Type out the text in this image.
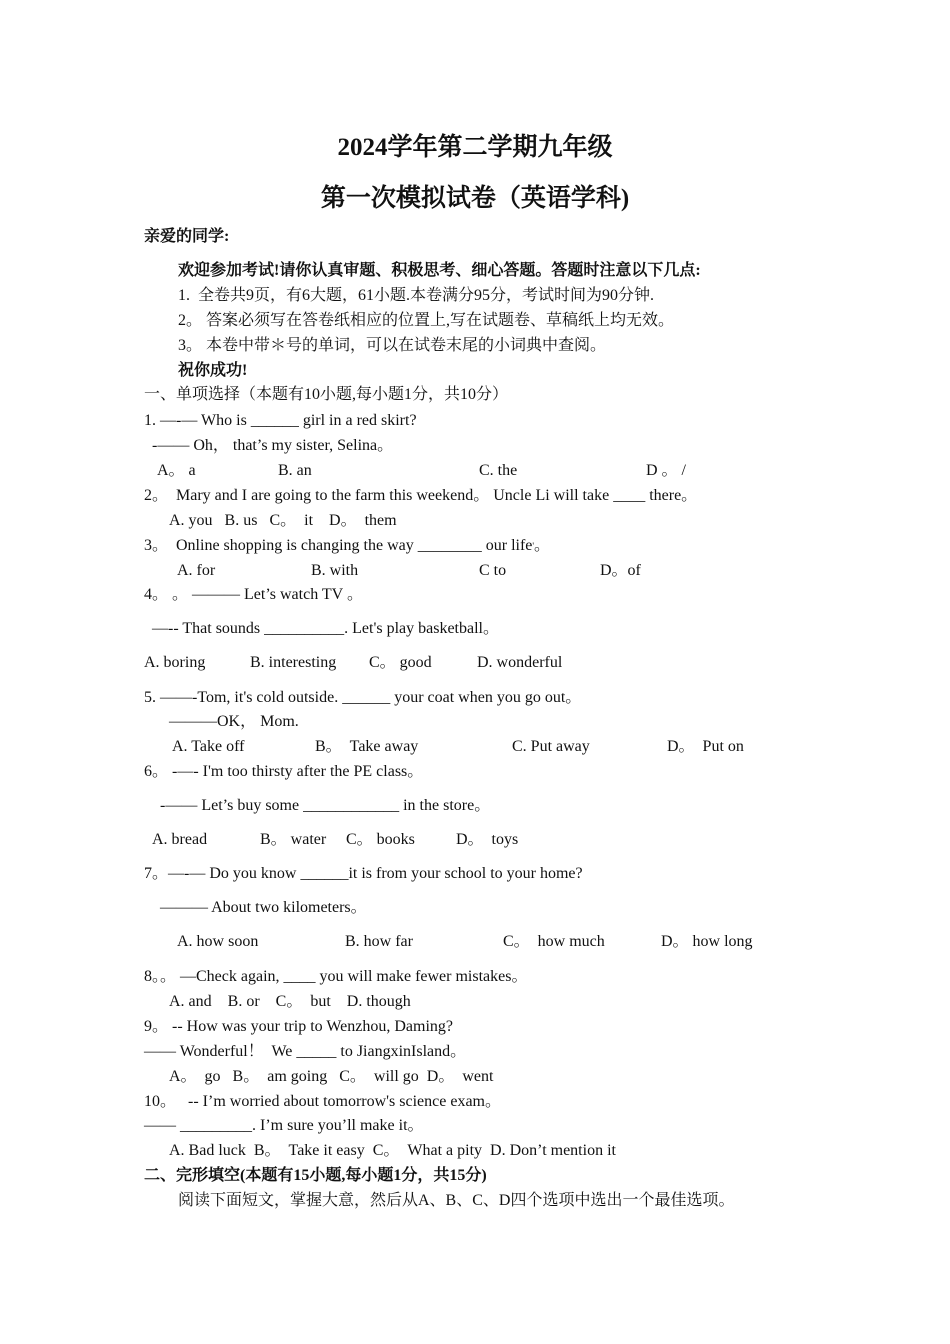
2024学年第二学期九年级
第一次模拟试卷（英语学科)
亲爱的同学:
欢迎参加考试!请你认真审题、积极思考、细心答题。答题时注意以下几点:
1.  全卷共9页，有6大题，61小题.本卷满分95分，考试时间为90分钟.
2。 答案必须写在答卷纸相应的位置上,写在试题卷、草稿纸上均无效。
3。 本卷中带＊号的单词，可以在试卷末尾的小词典中查阅。
祝你成功!
一、单项选择（本题有10小题,每小题1分，共10分）
1. —-— Who is ______ girl in a red skirt?
-—— Oh， that’s my sister, Selina。
A。 a	B. an	C. the	D 。 /
2。  Mary and I are going to the farm this weekend。 Uncle Li will take ____ there。
A. you   B. us   C。  it    D。  them
3。  Online shopping is changing the way ________ our life'。
A. for	B. with	C to	D。of
4。 。 ——— Let’s watch TV 。
—-- That sounds __________. Let's play basketball。
A. boring	B. interesting C。 good	D. wonderful
5. ——-Tom, it's cold outside. ______ your coat when you go out。
———OK， Mom.
A. Take off	B。  Take away	C. Put away	D。  Put on
6。 -—- I'm too thirsty after the PE class。
-—— Let’s buy some ____________ in the store。
A. bread	B。 water C。 books	D。  toys
7。—-— Do you know ______it is from your school to your home?
——— About two kilometers。
A. how soon	B. how far	C。  how much	D。 how long
8。。 —Check again, ____ you will make fewer mistakes。
A. and    B. or    C。  but    D. though
9。 -- How was your trip to Wenzhou, Daming?
—— Wonderful！  We _____ to JiangxinIsland。
A。  go   B。  am going   C。  will go  D。  went
10。   -- I’m worried about tomorrow's science exam。
—— _________. I’m sure you’ll make it。
A. Bad luck  B。  Take it easy  C。  What a pity  D. Don’t mention it
二、完形填空(本题有15小题,每小题1分，共15分)
阅读下面短文，掌握大意，然后从A、B、C、D四个选项中选出一个最佳选项。
